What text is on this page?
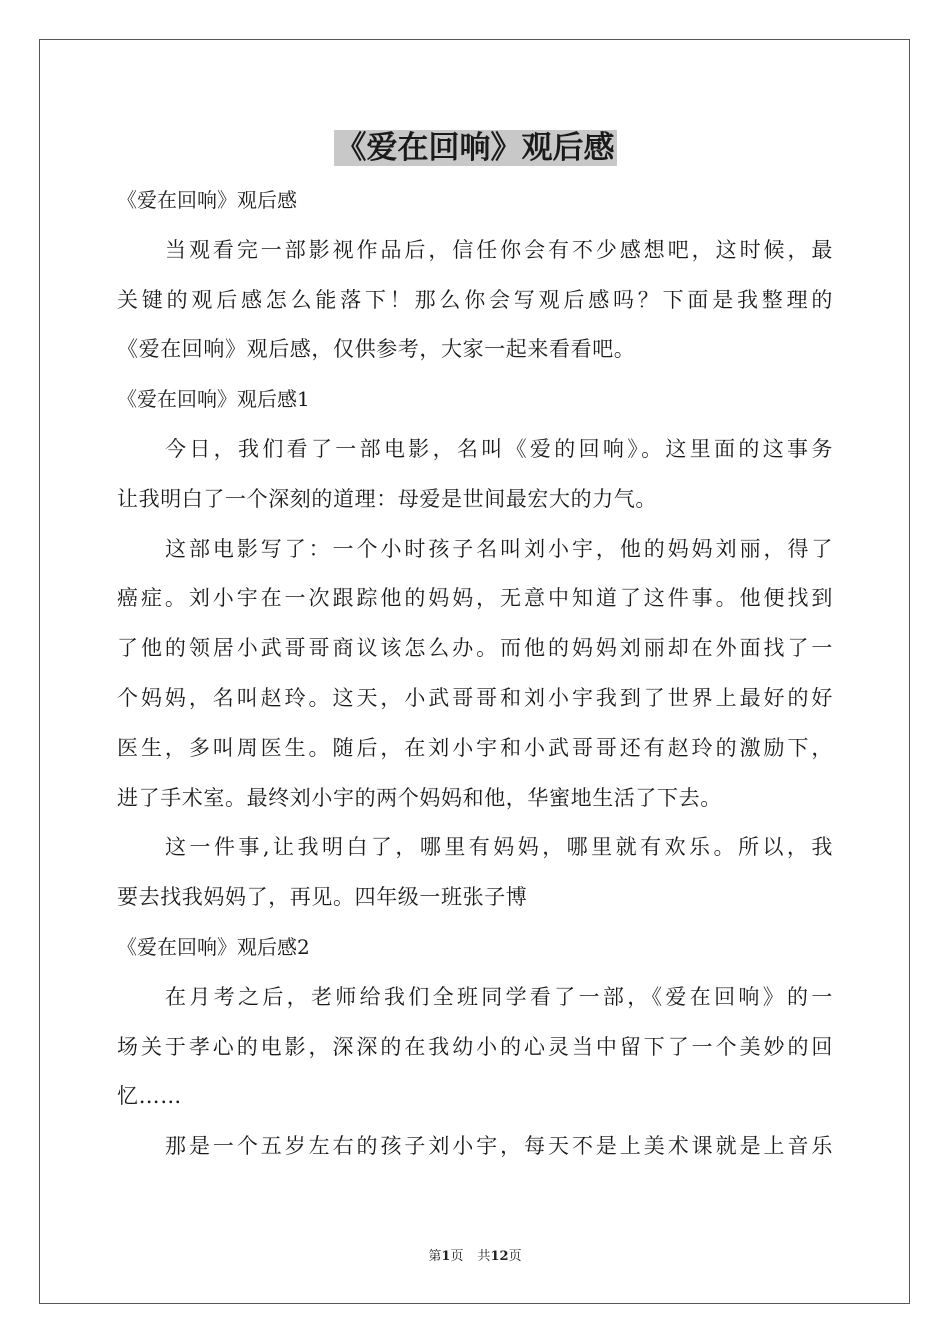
《爱在回响》观后感
《爱在回响》观后感
当观看完一部影视作品后，信任你会有不少感想吧，这时候，最
关键的观后感怎么能落下！那么你会写观后感吗？下面是我整理的
《爱在回响》观后感，仅供参考，大家一起来看看吧。
《爱在回响》观后感1
今日，我们看了一部电影，名叫《爱的回响》。这里面的这事务
让我明白了一个深刻的道理：母爱是世间最宏大的力气。
这部电影写了：一个小时孩子名叫刘小宇，他的妈妈刘丽，得了
癌症。刘小宇在一次跟踪他的妈妈，无意中知道了这件事。他便找到
了他的领居小武哥哥商议该怎么办。而他的妈妈刘丽却在外面找了一
个妈妈，名叫赵玲。这天，小武哥哥和刘小宇我到了世界上最好的好
医生，多叫周医生。随后，在刘小宇和小武哥哥还有赵玲的激励下，
进了手术室。最终刘小宇的两个妈妈和他，华蜜地生活了下去。
这一件事,让我明白了，哪里有妈妈，哪里就有欢乐。所以，我
要去找我妈妈了，再见。四年级一班张子博
《爱在回响》观后感2
在月考之后，老师给我们全班同学看了一部，《爱在回响》的一
场关于孝心的电影，深深的在我幼小的心灵当中留下了一个美妙的回
忆……
那是一个五岁左右的孩子刘小宇，每天不是上美术课就是上音乐
第1页 共12页
